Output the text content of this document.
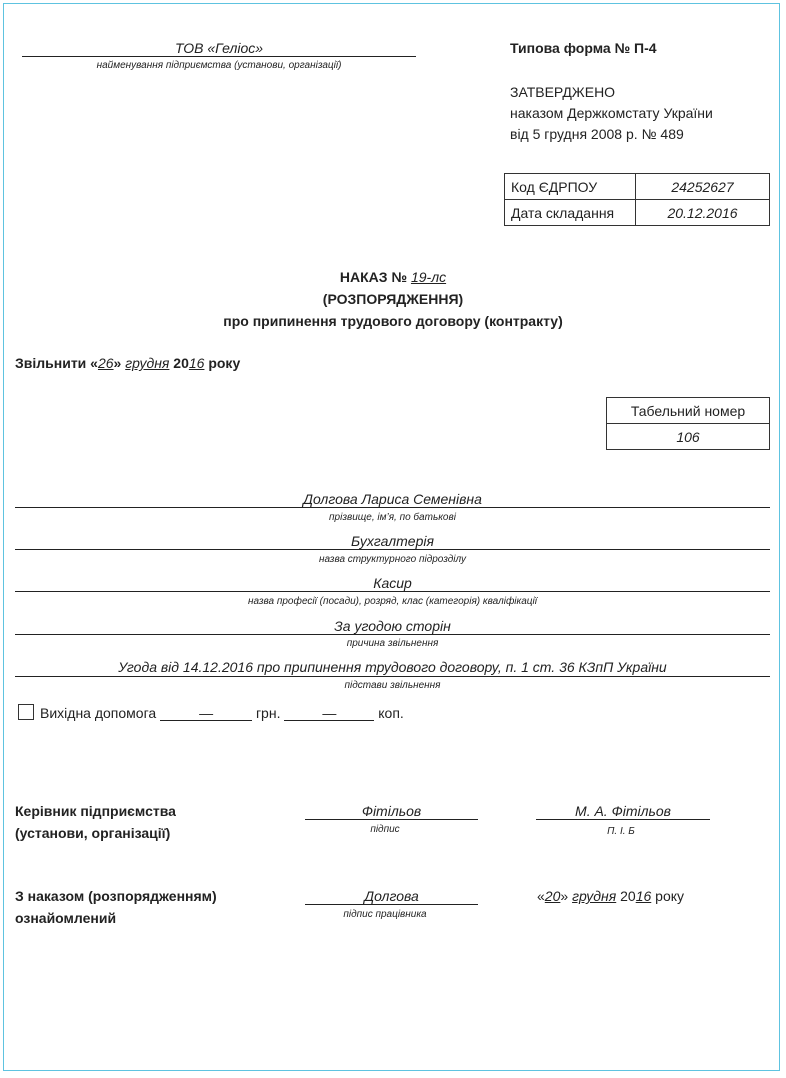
ТОВ «Геліос»
найменування підприємства (установи, організації)
Типова форма № П-4
ЗАТВЕРДЖЕНО
наказом Держкомстату України
від 5 грудня 2008 р. № 489
Код ЄДРПОУ	24252627
Дата складання	20.12.2016
НАКАЗ № 19-лс
(РОЗПОРЯДЖЕННЯ)
про припинення трудового договору (контракту)
Звільнити «26» грудня 2016 року
Табельний номер
106
Долгова Лариса Семенівна
прізвище, ім’я, по батькові
Бухгалтерія
назва структурного підрозділу
Касир
назва професії (посади), розряд, клас (категорія) кваліфікації
За угодою сторін
причина звільнення
Угода від 14.12.2016 про припинення трудового договору, п. 1 ст. 36 КЗпП України
підстави звільнення
Вихідна допомога	—	грн.	—	коп.
Керівник підприємства
(установи, організації)
Фітільов
підпис
М. А. Фітільов
П. І. Б
З наказом (розпорядженням)
ознайомлений
Долгова
підпис працівника
«20» грудня 2016 року
